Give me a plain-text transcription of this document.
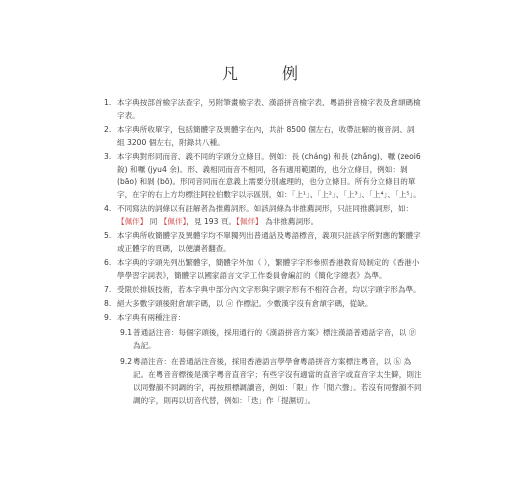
凡　例
1. 本字典按部首檢字法查字，另附筆畫檢字表、漢語拼音檢字表、粵語拼音檢字表及倉頡碼檢字表。
2. 本字典所收單字，包括簡體字及異體字在內，共計 8500 個左右，收帶註解的複音詞、詞組 3200 個左右，附錄共八種。
3. 本字典對形同而音、義不同的字頭分立條目。例如：長 (cháng) 和長 (zhǎng)、嚈 (zeoi6 銳) 和嚈 (jyu4 余)。形、義相同而音不相同，各有適用範圍的，也分立條目，例如：剝 (bāo) 和剝 (bō)。形同音同而在意義上需要分別處理的，也分立條目。所有分立條目的單字，在字的右上方均標注阿拉伯數字以示區別，如：「上¹」、「上²」、「上³」、「上⁴」、「上⁵」。
4. 不同寫法的詞條以有註解者為推薦詞形。如該詞條為非推薦詞形，只註同推薦詞形，如：【佩伴】 同 【佩伴】，見 193 頁。【佩伴】 為非推薦詞形。
5. 本字典所收簡體字及異體字均不單獨列出普通話及粵語標音，義項只註該字所對應的繁體字或正體字的頁碼，以便讀者翻查。
6. 本字典的字頭先列出繁體字，簡體字外加（ ），繁體字字形參照香港教育局制定的《香港小學學習字詞表》，簡體字以國家語言文字工作委員會編訂的《簡化字總表》為準。
7. 受限於排版技術，若本字典中部分內文字形與字頭字形有不相符合者，均以字頭字形為準。
8. 絕大多數字頭後附倉頡字碼，以 ⓐ 作標記。少數漢字沒有倉頡字碼，從缺。
9. 本字典有兩種注音：
9.1 普通話注音：每個字頭後，採用通行的《漢語拼音方案》標注漢語普通話字音，以 ⓟ 為記。
9.2 粵語注音：在普通話注音後，採用香港語言學學會粵語拼音方案標注粵音，以 ⓚ 為記。在粵音音標後是漢字粵音直音字；有些字沒有適當的直音字或直音字太生僻，則注以同聲韻不同調的字，再按照標調讀音，例如：「限」作「閒六聲」。若沒有同聲韻不同調的字，則再以切音代替，例如：「迭」作「提濕切」。
